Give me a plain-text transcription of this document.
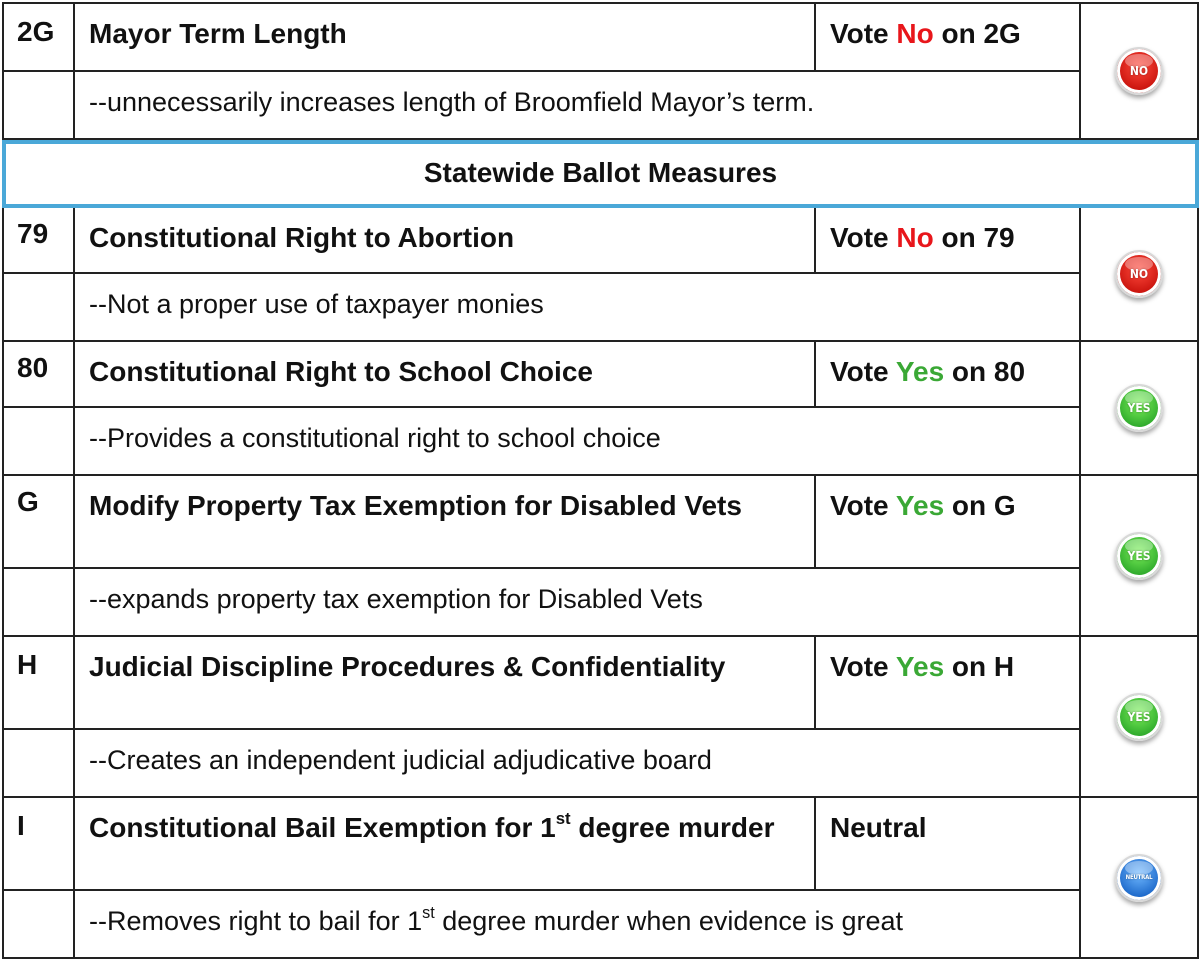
2G	Mayor Term Length	Vote No on 2G
--unnecessarily increases length of Broomfield Mayor’s term.
NO
Statewide Ballot Measures
79	Constitutional Right to Abortion	Vote No on 79
--Not a proper use of taxpayer monies
NO
80	Constitutional Right to School Choice	Vote Yes on 80
--Provides a constitutional right to school choice
YES
G	Modify Property Tax Exemption for Disabled Vets	Vote Yes on G
--expands property tax exemption for Disabled Vets
YES
H	Judicial Discipline Procedures & Confidentiality	Vote Yes on H
--Creates an independent judicial adjudicative board
YES
I	Constitutional Bail Exemption for 1st degree murder	Neutral
--Removes right to bail for 1st degree murder when evidence is great
NEUTRAL
